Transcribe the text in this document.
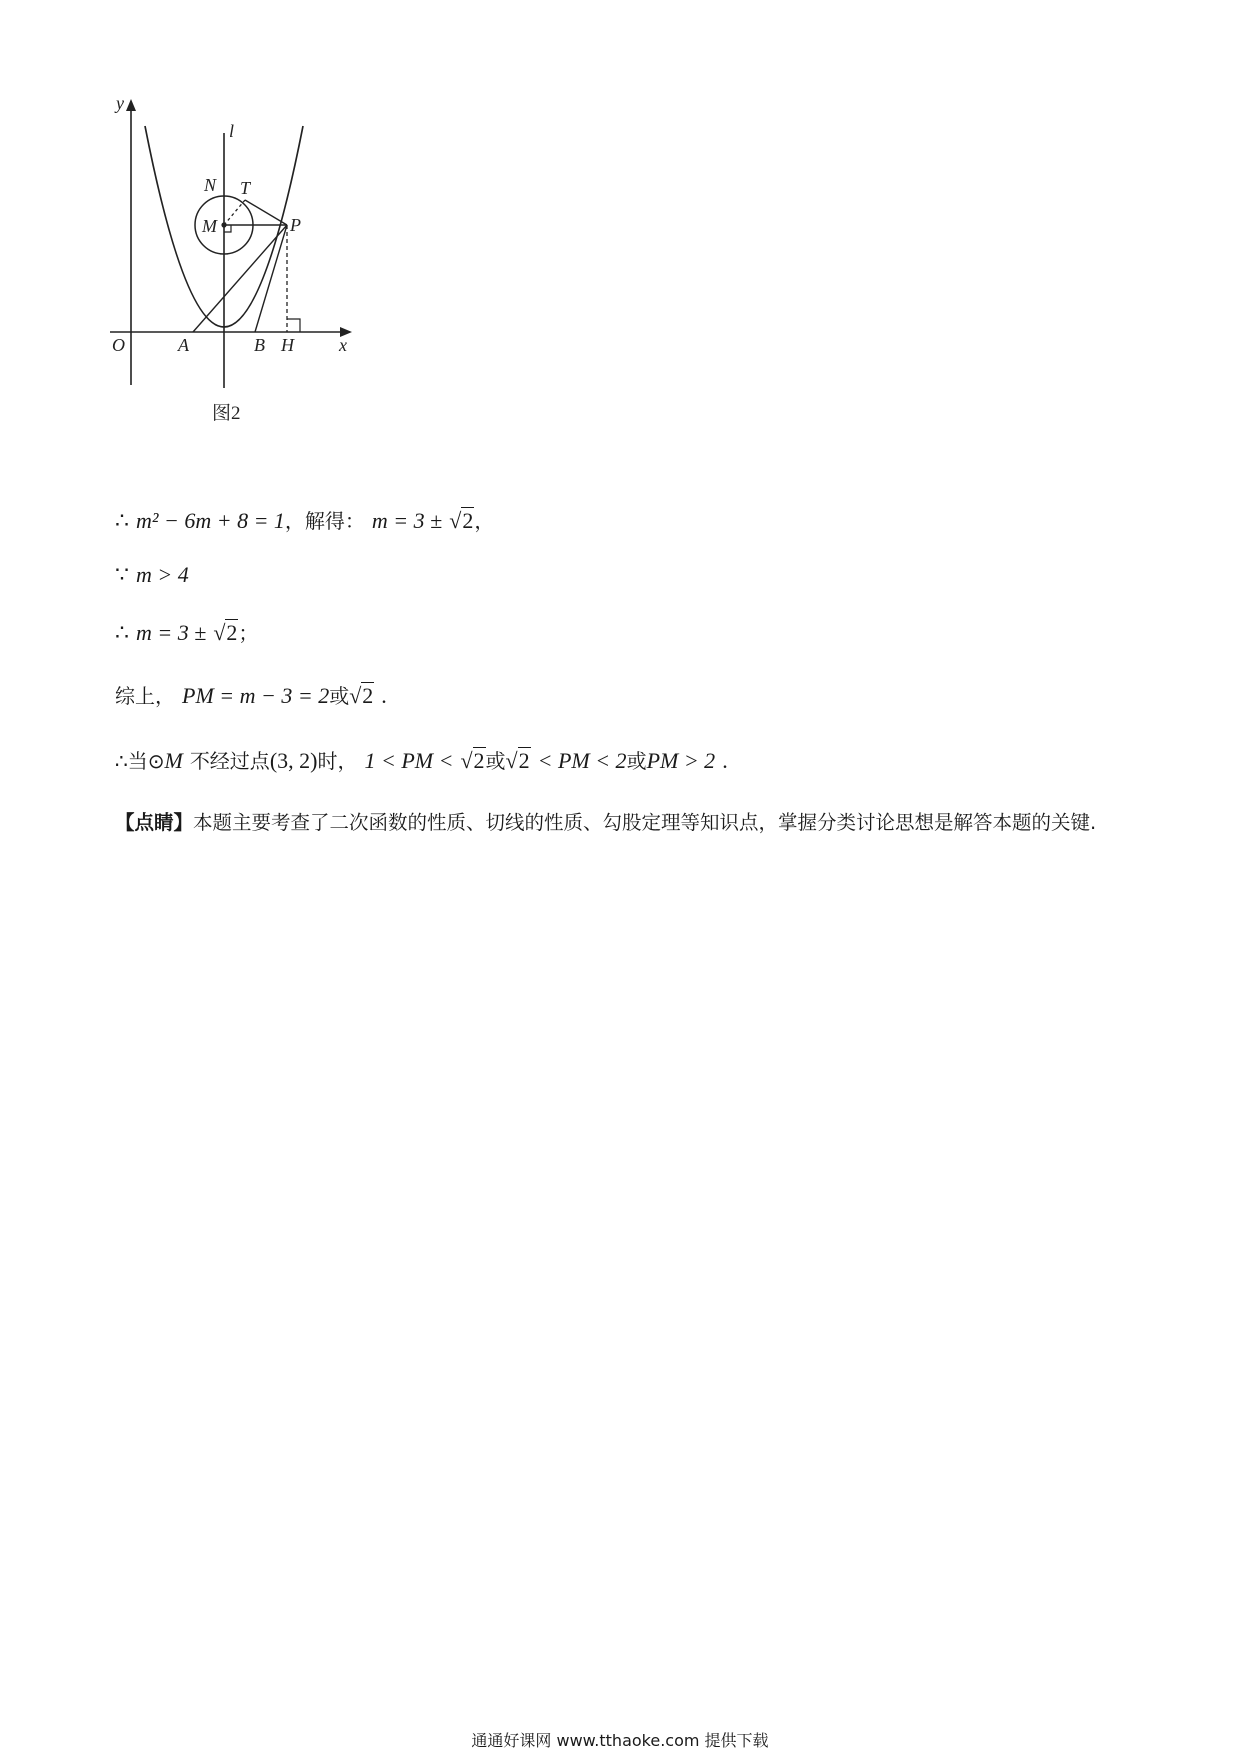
y
l
N T
M	P
O	A	B H	x
图2
∴ m² − 6m + 8 = 1，解得： m = 3 ± √2，
∵ m > 4
∴ m = 3 ± √2；
综上， PM = m − 3 = 2或√2 .
∴当⊙M 不经过点(3, 2)时， 1 < PM < √2或√2 < PM < 2或PM > 2 .
【点睛】本题主要考查了二次函数的性质、切线的性质、勾股定理等知识点，掌握分类讨论思想是解答本题的关键.
通通好课网 www.tthaoke.com 提供下载
